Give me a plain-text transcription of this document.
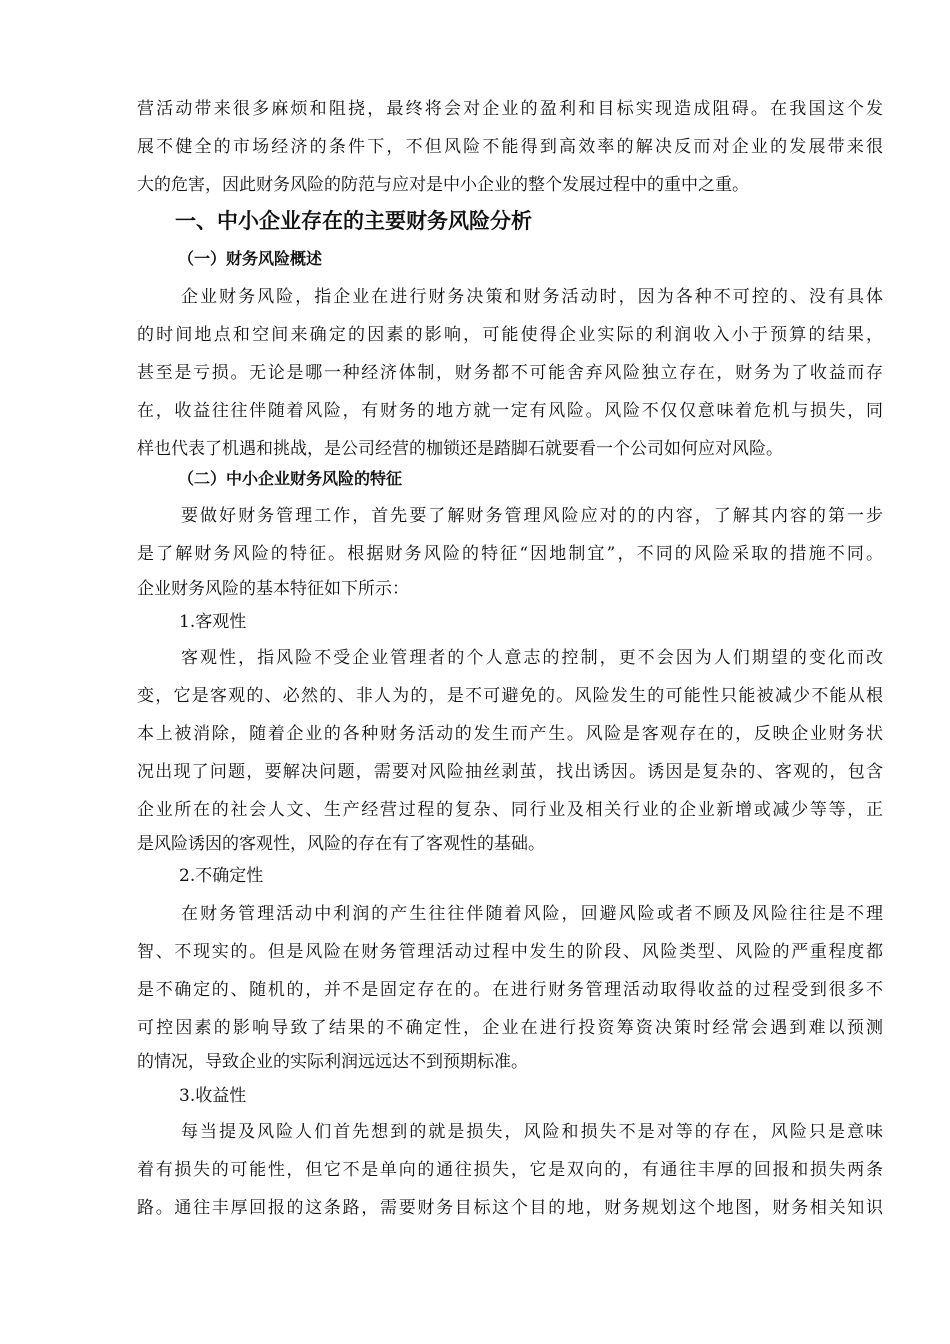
营活动带来很多麻烦和阻挠，最终将会对企业的盈利和目标实现造成阻碍。在我国这个发
展不健全的市场经济的条件下，不但风险不能得到高效率的解决反而对企业的发展带来很
大的危害，因此财务风险的防范与应对是中小企业的整个发展过程中的重中之重。
一、中小企业存在的主要财务风险分析
（一）财务风险概述
企业财务风险，指企业在进行财务决策和财务活动时，因为各种不可控的、没有具体
的时间地点和空间来确定的因素的影响，可能使得企业实际的利润收入小于预算的结果，
甚至是亏损。无论是哪一种经济体制，财务都不可能舍弃风险独立存在，财务为了收益而存
在，收益往往伴随着风险，有财务的地方就一定有风险。风险不仅仅意味着危机与损失，同
样也代表了机遇和挑战，是公司经营的枷锁还是踏脚石就要看一个公司如何应对风险。
（二）中小企业财务风险的特征
要做好财务管理工作，首先要了解财务管理风险应对的的内容，了解其内容的第一步
是了解财务风险的特征。根据财务风险的特征“因地制宜”，不同的风险采取的措施不同。
企业财务风险的基本特征如下所示：
1.客观性
客观性，指风险不受企业管理者的个人意志的控制，更不会因为人们期望的变化而改
变，它是客观的、必然的、非人为的，是不可避免的。风险发生的可能性只能被减少不能从根
本上被消除，随着企业的各种财务活动的发生而产生。风险是客观存在的，反映企业财务状
况出现了问题，要解决问题，需要对风险抽丝剥茧，找出诱因。诱因是复杂的、客观的，包含
企业所在的社会人文、生产经营过程的复杂、同行业及相关行业的企业新增或减少等等，正
是风险诱因的客观性，风险的存在有了客观性的基础。
2.不确定性
在财务管理活动中利润的产生往往伴随着风险，回避风险或者不顾及风险往往是不理
智、不现实的。但是风险在财务管理活动过程中发生的阶段、风险类型、风险的严重程度都
是不确定的、随机的，并不是固定存在的。在进行财务管理活动取得收益的过程受到很多不
可控因素的影响导致了结果的不确定性，企业在进行投资筹资决策时经常会遇到难以预测
的情况，导致企业的实际利润远远达不到预期标准。
3.收益性
每当提及风险人们首先想到的就是损失，风险和损失不是对等的存在，风险只是意味
着有损失的可能性，但它不是单向的通往损失，它是双向的，有通往丰厚的回报和损失两条
路。通往丰厚回报的这条路，需要财务目标这个目的地，财务规划这个地图，财务相关知识
